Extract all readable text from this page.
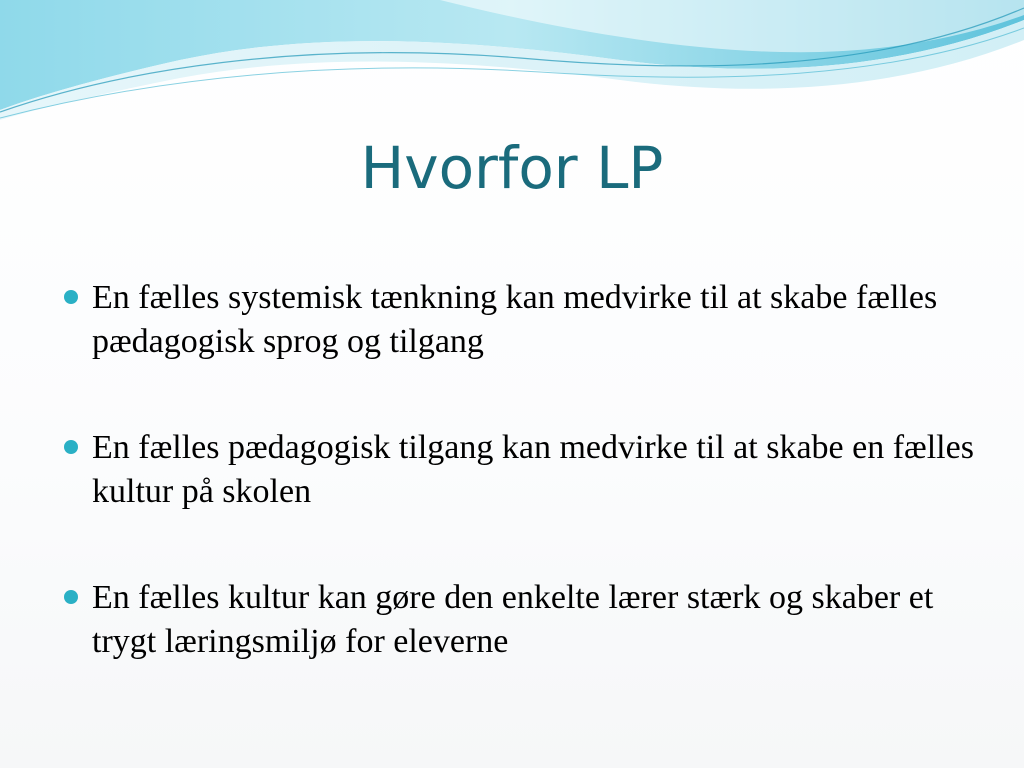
Hvorfor LP
En fælles systemisk tænkning kan medvirke til at skabe fælles pædagogisk sprog og tilgang
En fælles pædagogisk tilgang kan medvirke til at skabe en fælles kultur på skolen
En fælles kultur kan gøre den enkelte lærer stærk og skaber et trygt læringsmiljø for eleverne
